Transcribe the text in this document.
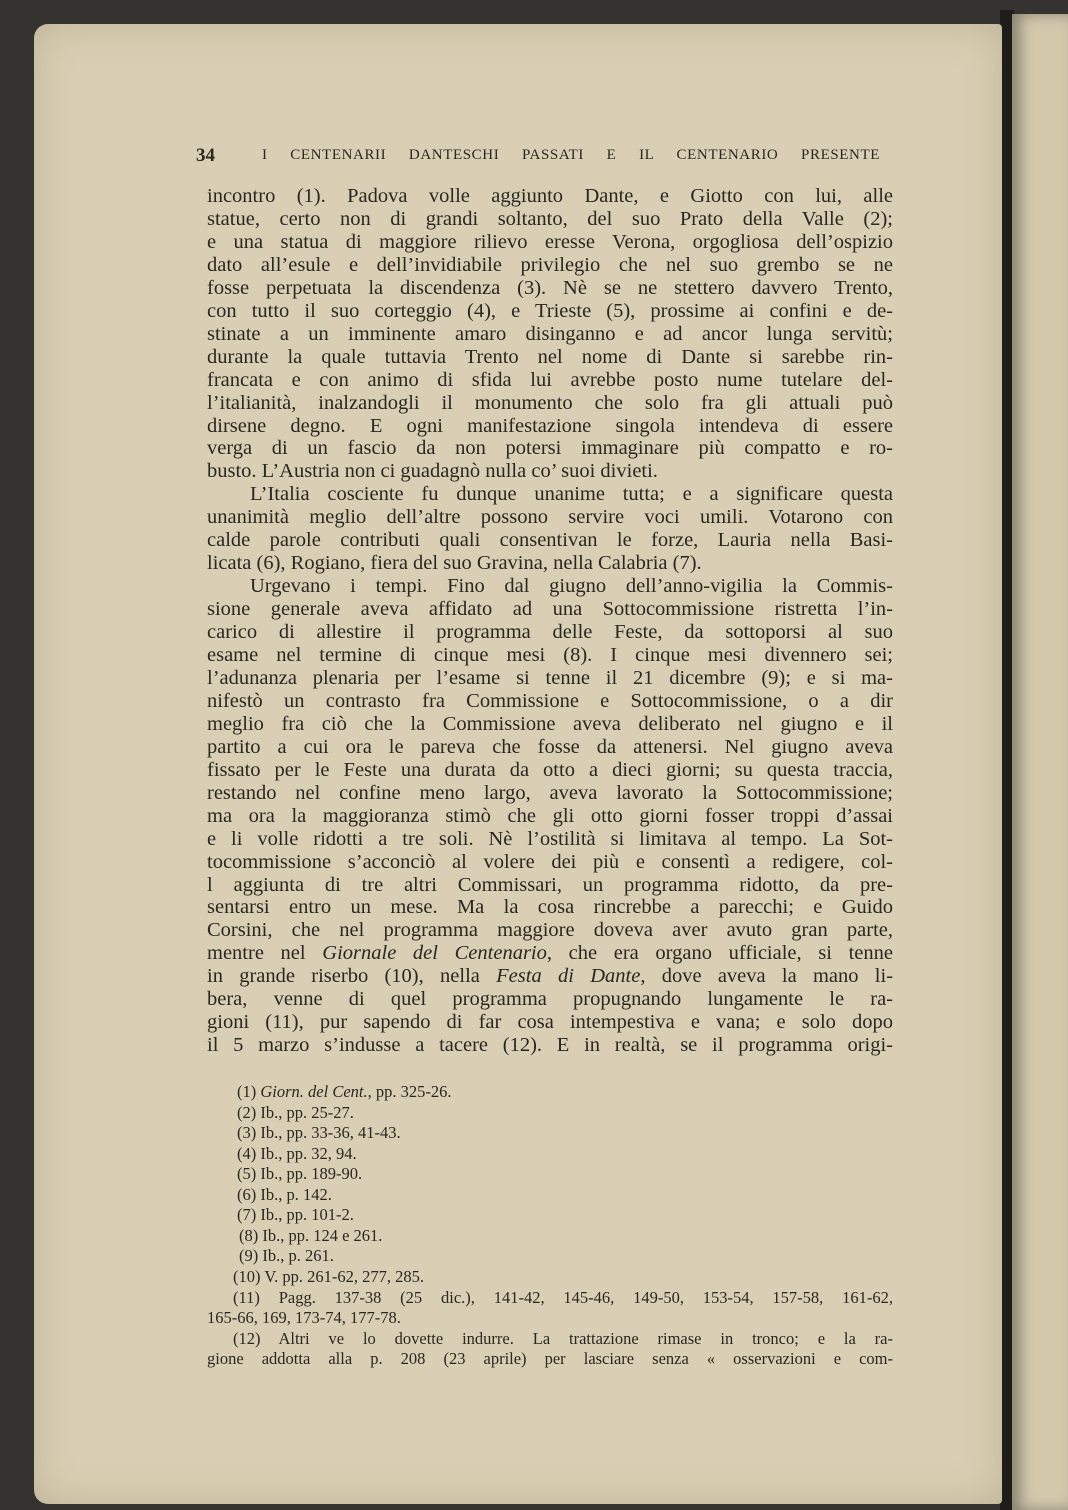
34	I CENTENARII DANTESCHI PASSATI E IL CENTENARIO PRESENTE
incontro (1). Padova volle aggiunto Dante, e Giotto con lui, alle
statue, certo non di grandi soltanto, del suo Prato della Valle (2);
e una statua di maggiore rilievo eresse Verona, orgogliosa dell’ospizio
dato all’esule e dell’invidiabile privilegio che nel suo grembo se ne
fosse perpetuata la discendenza (3). Nè se ne stettero davvero Trento,
con tutto il suo corteggio (4), e Trieste (5), prossime ai confini e de-
stinate a un imminente amaro disinganno e ad ancor lunga servitù;
durante la quale tuttavia Trento nel nome di Dante si sarebbe rin-
francata e con animo di sfida lui avrebbe posto nume tutelare del-
l’italianità, inalzandogli il monumento che solo fra gli attuali può
dirsene degno. E ogni manifestazione singola intendeva di essere
verga di un fascio da non potersi immaginare più compatto e ro-
busto. L’Austria non ci guadagnò nulla co’ suoi divieti.
L’Italia cosciente fu dunque unanime tutta; e a significare questa
unanimità meglio dell’altre possono servire voci umili. Votarono con
calde parole contributi quali consentivan le forze, Lauria nella Basi-
licata (6), Rogiano, fiera del suo Gravina, nella Calabria (7).
Urgevano i tempi. Fino dal giugno dell’anno-vigilia la Commis-
sione generale aveva affidato ad una Sottocommissione ristretta l’in-
carico di allestire il programma delle Feste, da sottoporsi al suo
esame nel termine di cinque mesi (8). I cinque mesi divennero sei;
l’adunanza plenaria per l’esame si tenne il 21 dicembre (9); e si ma-
nifestò un contrasto fra Commissione e Sottocommissione, o a dir
meglio fra ciò che la Commissione aveva deliberato nel giugno e il
partito a cui ora le pareva che fosse da attenersi. Nel giugno aveva
fissato per le Feste una durata da otto a dieci giorni; su questa traccia,
restando nel confine meno largo, aveva lavorato la Sottocommissione;
ma ora la maggioranza stimò che gli otto giorni fosser troppi d’assai
e li volle ridotti a tre soli. Nè l’ostilità si limitava al tempo. La Sot-
tocommissione s’acconciò al volere dei più e consentì a redigere, col-
l aggiunta di tre altri Commissari, un programma ridotto, da pre-
sentarsi entro un mese. Ma la cosa rincrebbe a parecchi; e Guido
Corsini, che nel programma maggiore doveva aver avuto gran parte,
mentre nel Giornale del Centenario, che era organo ufficiale, si tenne
in grande riserbo (10), nella Festa di Dante, dove aveva la mano li-
bera, venne di quel programma propugnando lungamente le ra-
gioni (11), pur sapendo di far cosa intempestiva e vana; e solo dopo
il 5 marzo s’indusse a tacere (12). E in realtà, se il programma origi-
(1) Giorn. del Cent., pp. 325-26.
(2) Ib., pp. 25-27.
(3) Ib., pp. 33-36, 41-43.
(4) Ib., pp. 32, 94.
(5) Ib., pp. 189-90.
(6) Ib., p. 142.
(7) Ib., pp. 101-2.
(8) Ib., pp. 124 e 261.
(9) Ib., p. 261.
(10) V. pp. 261-62, 277, 285.
(11) Pagg. 137-38 (25 dic.), 141-42, 145-46, 149-50, 153-54, 157-58, 161-62,
165-66, 169, 173-74, 177-78.
(12) Altri ve lo dovette indurre. La trattazione rimase in tronco; e la ra-
gione addotta alla p. 208 (23 aprile) per lasciare senza « osservazioni e com-
